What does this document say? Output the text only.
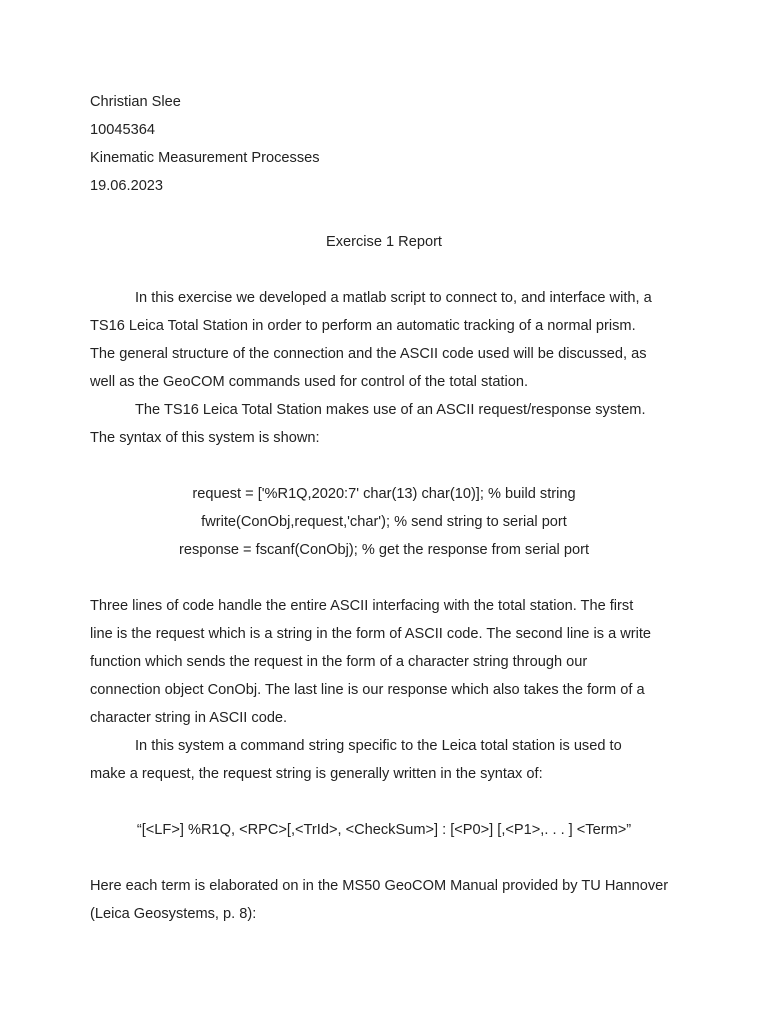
Christian Slee
10045364
Kinematic Measurement Processes
19.06.2023
Exercise 1 Report
In this exercise we developed a matlab script to connect to, and interface with, a
TS16 Leica Total Station in order to perform an automatic tracking of a normal prism.
The general structure of the connection and the ASCII code used will be discussed, as
well as the GeoCOM commands used for control of the total station.
The TS16 Leica Total Station makes use of an ASCII request/response system.
The syntax of this system is shown:
request = ['%R1Q,2020:7' char(13) char(10)]; % build string
fwrite(ConObj,request,'char'); % send string to serial port
response = fscanf(ConObj); % get the response from serial port
Three lines of code handle the entire ASCII interfacing with the total station. The first
line is the request which is a string in the form of ASCII code. The second line is a write
function which sends the request in the form of a character string through our
connection object ConObj. The last line is our response which also takes the form of a
character string in ASCII code.
In this system a command string specific to the Leica total station is used to
make a request, the request string is generally written in the syntax of:
“[<LF>] %R1Q, <RPC>[,<TrId>, <CheckSum>] : [<P0>] [,<P1>,. . . ] <Term>”
Here each term is elaborated on in the MS50 GeoCOM Manual provided by TU Hannover
(Leica Geosystems, p. 8):
